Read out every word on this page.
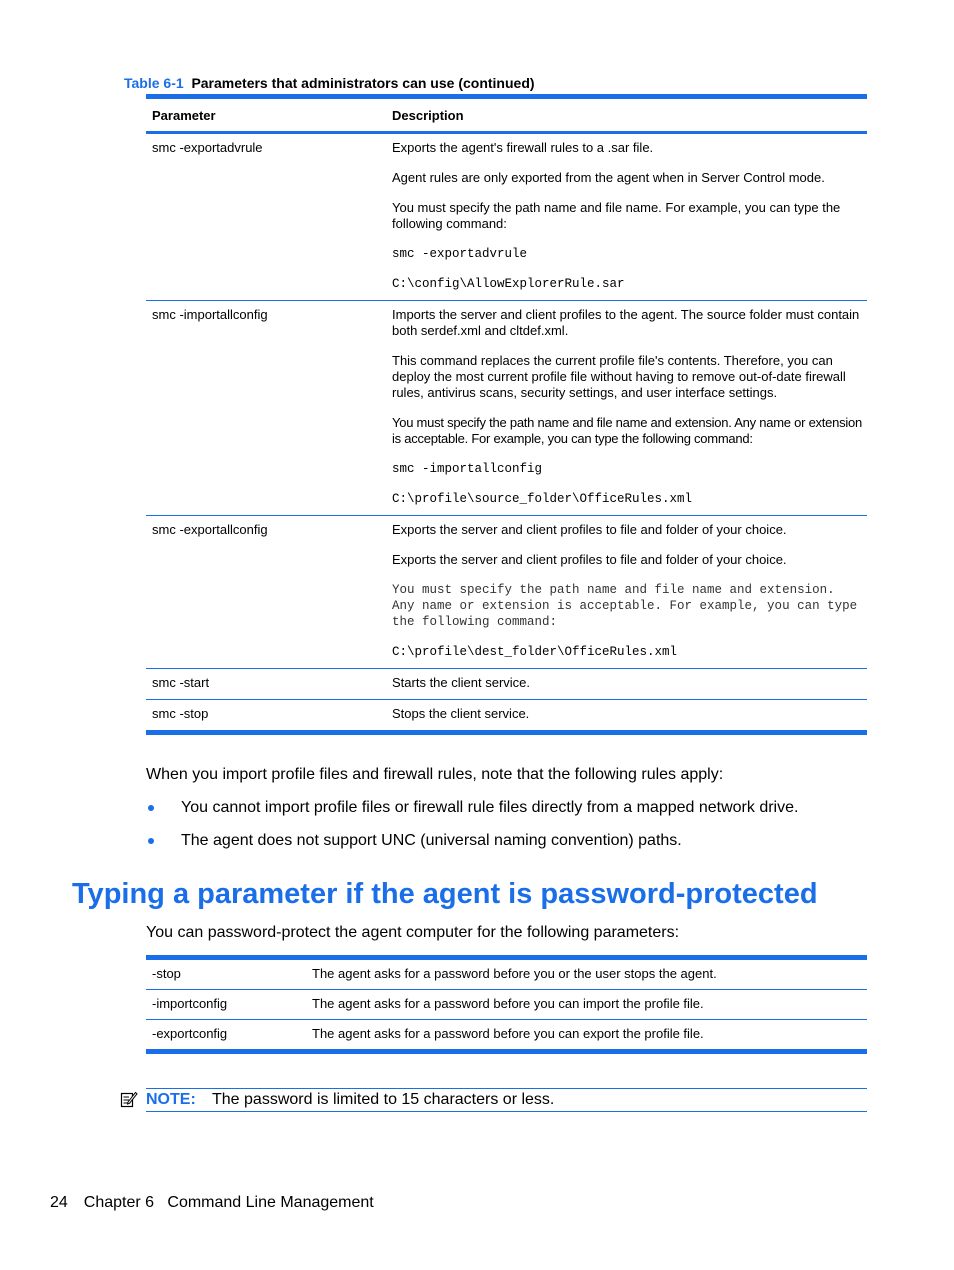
Table 6-1 Parameters that administrators can use (continued)
Parameter	Description
smc -exportadvrule	Exports the agent's firewall rules to a .sar file.

Agent rules are only exported from the agent when in Server Control mode.

You must specify the path name and file name. For example, you can type the following command:

smc -exportadvrule

C:\config\AllowExplorerRule.sar

smc -importallconfig	Imports the server and client profiles to the agent. The source folder must contain both serdef.xml and cltdef.xml.

This command replaces the current profile file's contents. Therefore, you can deploy the most current profile file without having to remove out-of-date firewall rules, antivirus scans, security settings, and user interface settings.

You must specify the path name and file name and extension. Any name or extension is acceptable. For example, you can type the following command:

smc -importallconfig

C:\profile\source_folder\OfficeRules.xml

smc -exportallconfig	Exports the server and client profiles to file and folder of your choice.

Exports the server and client profiles to file and folder of your choice.

You must specify the path name and file name and extension. Any name or extension is acceptable. For example, you can type the following command:

C:\profile\dest_folder\OfficeRules.xml

smc -start	Starts the client service.

smc -stop	Stops the client service.

When you import profile files and firewall rules, note that the following rules apply:
You cannot import profile files or firewall rule files directly from a mapped network drive.
The agent does not support UNC (universal naming convention) paths.
Typing a parameter if the agent is password-protected
You can password-protect the agent computer for the following parameters:
-stop	The agent asks for a password before you or the user stops the agent.
-importconfig	The agent asks for a password before you can import the profile file.
-exportconfig	The agent asks for a password before you can export the profile file.
NOTE: The password is limited to 15 characters or less.
24 Chapter 6   Command Line Management
